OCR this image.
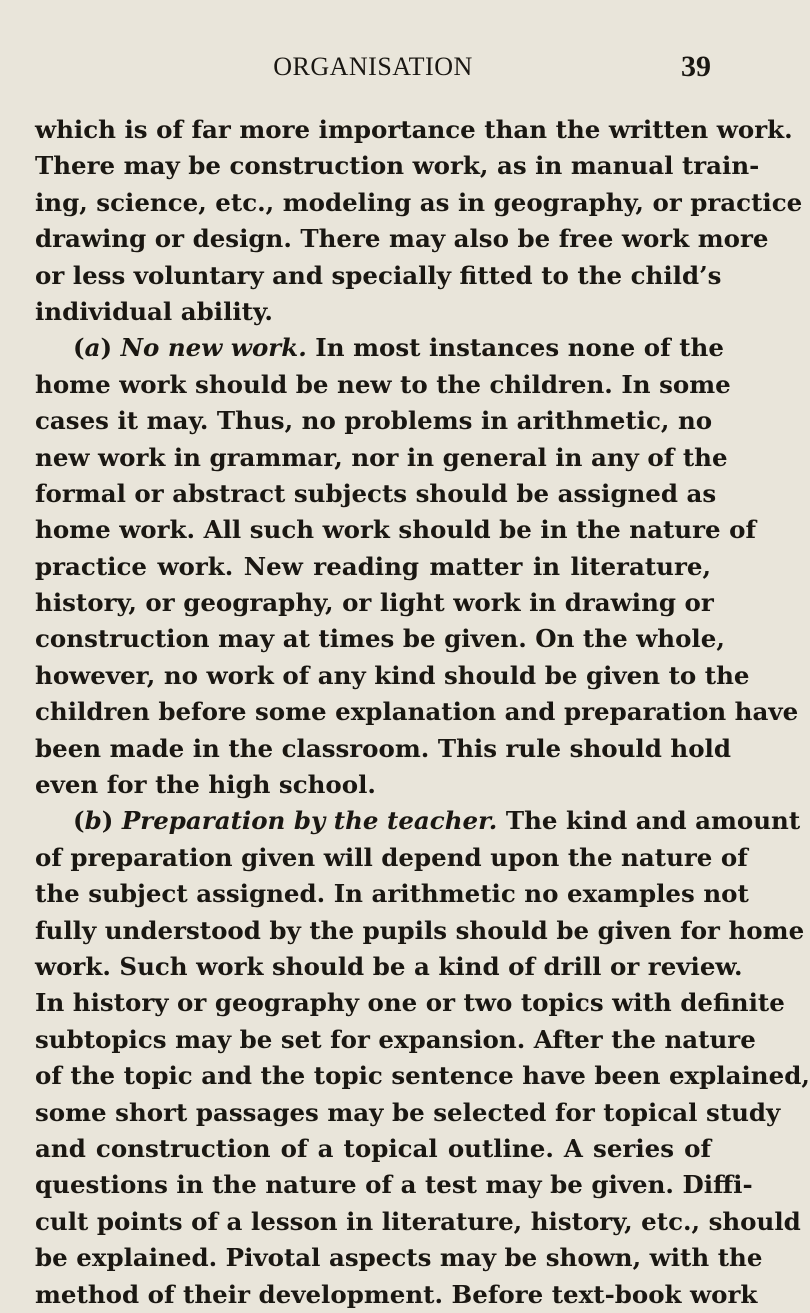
ORGANISATION	39
which is of far more importance than the written work.
There may be construction work, as in manual train-
ing, science, etc., modeling as in geography, or practice
drawing or design. There may also be free work more
or less voluntary and specially fitted to the child’s
individual ability.
(a) No new work. In most instances none of the
home work should be new to the children. In some
cases it may. Thus, no problems in arithmetic, no
new work in grammar, nor in general in any of the
formal or abstract subjects should be assigned as
home work. All such work should be in the nature of
practice work. New reading matter in literature,
history, or geography, or light work in drawing or
construction may at times be given. On the whole,
however, no work of any kind should be given to the
children before some explanation and preparation have
been made in the classroom. This rule should hold
even for the high school.
(b) Preparation by the teacher. The kind and amount
of preparation given will depend upon the nature of
the subject assigned. In arithmetic no examples not
fully understood by the pupils should be given for home
work. Such work should be a kind of drill or review.
In history or geography one or two topics with definite
subtopics may be set for expansion. After the nature
of the topic and the topic sentence have been explained,
some short passages may be selected for topical study
and construction of a topical outline. A series of
questions in the nature of a test may be given. Diffi-
cult points of a lesson in literature, history, etc., should
be explained. Pivotal aspects may be shown, with the
method of their development. Before text-book work
